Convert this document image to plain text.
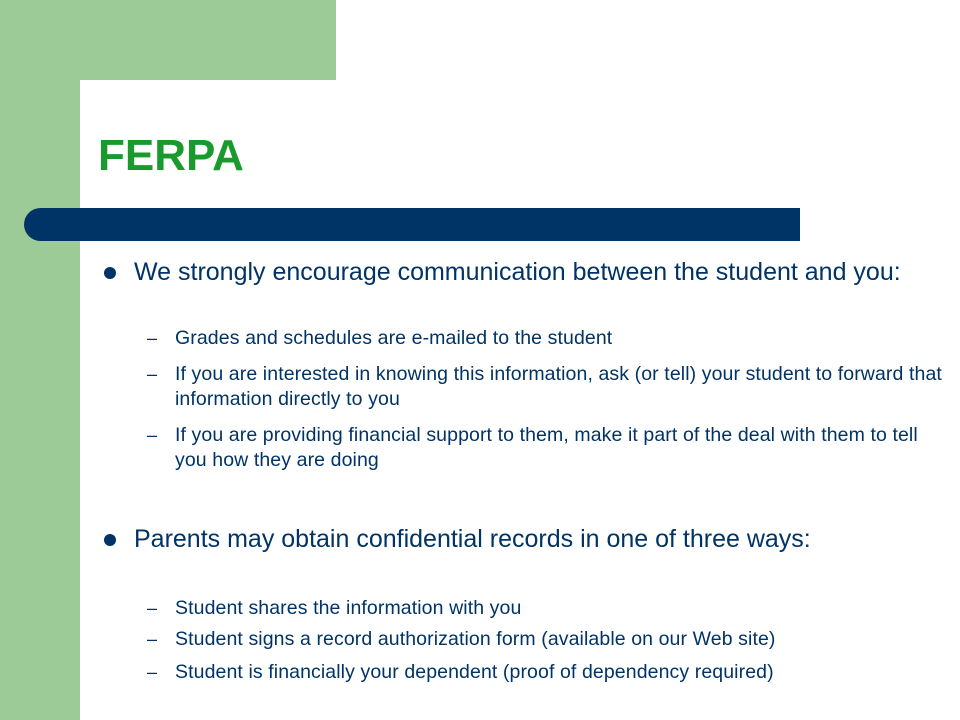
FERPA
We strongly encourage communication between the student and you:
– Grades and schedules are e-mailed to the student
– If you are interested in knowing this information, ask (or tell) your student to forward that information directly to you
– If you are providing financial support to them, make it part of the deal with them to tell you how they are doing
Parents may obtain confidential records in one of three ways:
– Student shares the information with you
– Student signs a record authorization form (available on our Web site)
– Student is financially your dependent (proof of dependency required)
